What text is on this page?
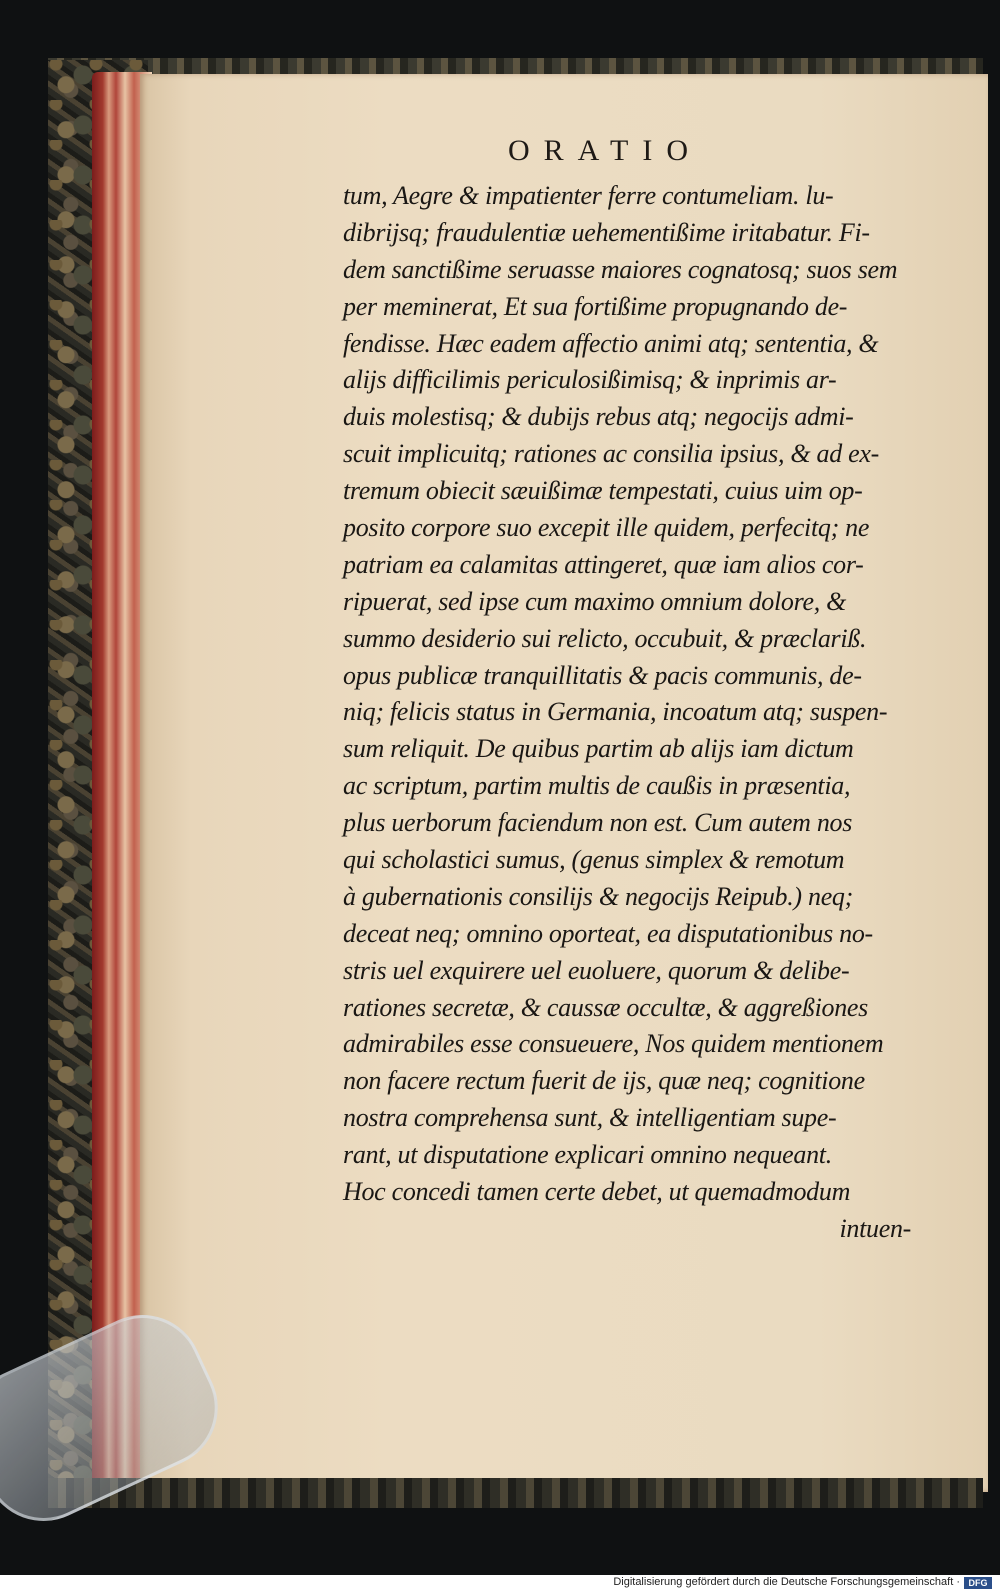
ORATIO
tum, Aegre & impatienter ferre contumeliam. lu-
dibrijsq; fraudulentiæ uehementißime iritabatur. Fi-
dem sanctißime seruasse maiores cognatosq; suos sem
per meminerat, Et sua fortißime propugnando de-
fendisse. Hæc eadem affectio animi atq; sententia, &
alijs difficilimis periculosißimisq; & inprimis ar-
duis molestisq; & dubijs rebus atq; negocijs admi-
scuit implicuitq; rationes ac consilia ipsius, & ad ex-
tremum obiecit sæuißimæ tempestati, cuius uim op-
posito corpore suo excepit ille quidem, perfecitq; ne
patriam ea calamitas attingeret, quæ iam alios cor-
ripuerat, sed ipse cum maximo omnium dolore, &
summo desiderio sui relicto, occubuit, & præclariß.
opus publicæ tranquillitatis & pacis communis, de-
niq; felicis status in Germania, incoatum atq; suspen-
sum reliquit. De quibus partim ab alijs iam dictum
ac scriptum, partim multis de caußis in præsentia,
plus uerborum faciendum non est. Cum autem nos
qui scholastici sumus, (genus simplex & remotum
à gubernationis consilijs & negocijs Reipub.) neq;
deceat neq; omnino oporteat, ea disputationibus no-
stris uel exquirere uel euoluere, quorum & delibe-
rationes secretæ, & caussæ occultæ, & aggreßiones
admirabiles esse consueuere, Nos quidem mentionem
non facere rectum fuerit de ijs, quæ neq; cognitione
nostra comprehensa sunt, & intelligentiam supe-
rant, ut disputatione explicari omnino nequeant.
Hoc concedi tamen certe debet, ut quemadmodum
intuen-
Digitalisierung gefördert durch die Deutsche Forschungsgemeinschaft · DFG
